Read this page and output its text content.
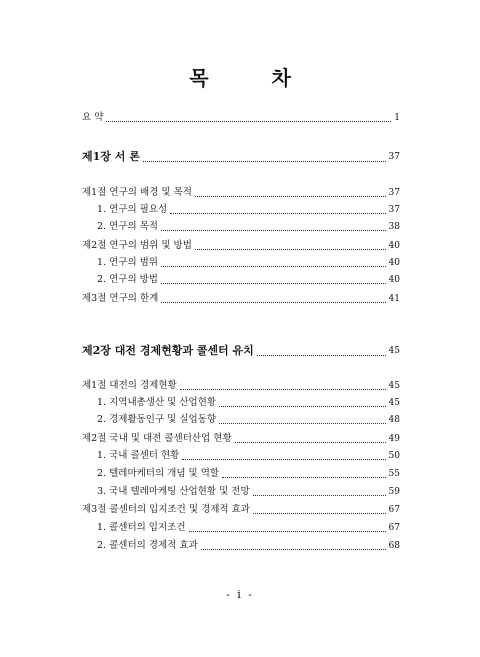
목 차
요 약	1
제1장 서 론	37
제1절 연구의 배경 및 목적	37
1. 연구의 필요성	37
2. 연구의 목적	38
제2절 연구의 범위 및 방법	40
1. 연구의 범위	40
2. 연구의 방법	40
제3절 연구의 한계	41
제2장 대전 경제현황과 콜센터 유치	45
제1절 대전의 경제현황	45
1. 지역내총생산 및 산업현황	45
2. 경제활동인구 및 실업동향	48
제2절 국내 및 대전 콜센터산업 현황	49
1. 국내 콜센터 현황	50
2. 텔레마케터의 개념 및 역할	55
3. 국내 텔레마케팅 산업현황 및 전망	59
제3절 콜센터의 입지조건 및 경제적 효과	67
1. 콜센터의 입지조건	67
2. 콜센터의 경제적 효과	68
- i -
